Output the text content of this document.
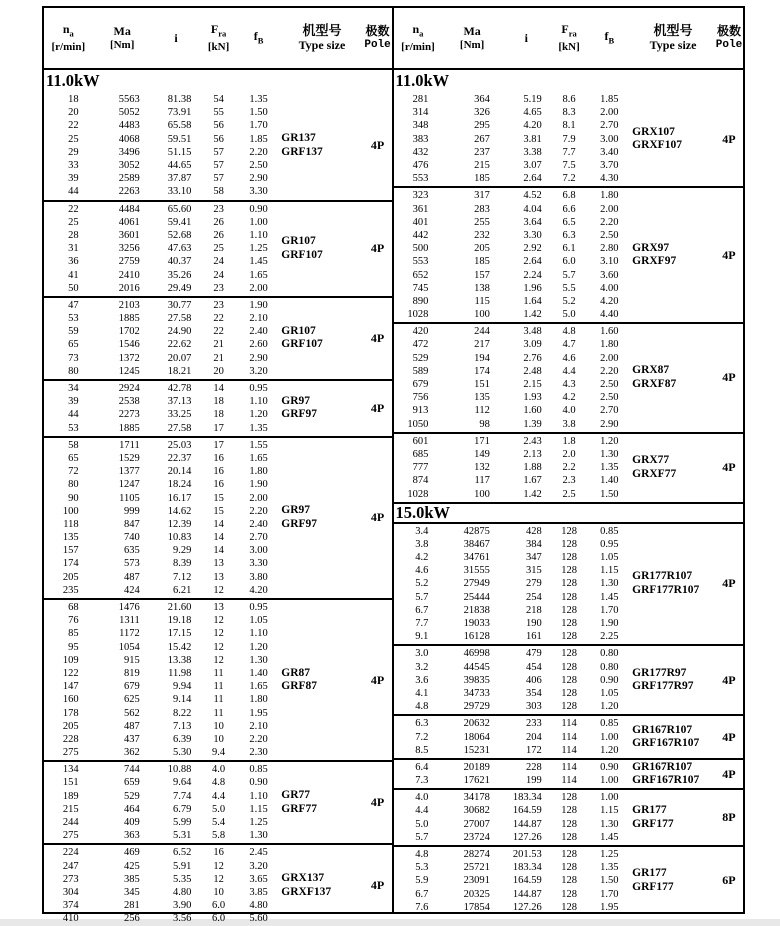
$n_a$
[r/min]
Ma
[Nm]	i
$F_{ra}$
[kN]
$f_B$
机型号
Type size
极数
Pole
11.0kW
18	5563	81.38	54	1.35
20	5052	73.91	55	1.50
22	4483	65.58	56	1.70
25	4068	59.51	56	1.85
29	3496	51.15	57	2.20
33	3052	44.65	57	2.50
39	2589	37.87	57	2.90
44	2263	33.10	58	3.30
GR137
GRF137	4P
22	4484	65.60	23	0.90
25	4061	59.41	26	1.00
28	3601	52.68	26	1.10
31	3256	47.63	25	1.25
36	2759	40.37	24	1.45
41	2410	35.26	24	1.65
50	2016	29.49	23	2.00
GR107
GRF107	4P
47	2103	30.77	23	1.90
53	1885	27.58	22	2.10
59	1702	24.90	22	2.40
65	1546	22.62	21	2.60
73	1372	20.07	21	2.90
80	1245	18.21	20	3.20
GR107
GRF107	4P
34	2924	42.78	14	0.95
39	2538	37.13	18	1.10
44	2273	33.25	18	1.20
53	1885	27.58	17	1.35
GR97
GRF97	4P
58	1711	25.03	17	1.55
65	1529	22.37	16	1.65
72	1377	20.14	16	1.80
80	1247	18.24	16	1.90
90	1105	16.17	15	2.00
100	999	14.62	15	2.20
118	847	12.39	14	2.40
135	740	10.83	14	2.70
157	635	9.29	14	3.00
174	573	8.39	13	3.30
205	487	7.12	13	3.80
235	424	6.21	12	4.20
GR97
GRF97	4P
68	1476	21.60	13	0.95
76	1311	19.18	12	1.05
85	1172	17.15	12	1.10
95	1054	15.42	12	1.20
109	915	13.38	12	1.30
122	819	11.98	11	1.40
147	679	9.94	11	1.65
160	625	9.14	11	1.80
178	562	8.22	11	1.95
205	487	7.13	10	2.10
228	437	6.39	10	2.20
275	362	5.30	9.4	2.30
GR87
GRF87	4P
134	744	10.88	4.0	0.85
151	659	9.64	4.8	0.90
189	529	7.74	4.4	1.10
215	464	6.79	5.0	1.15
244	409	5.99	5.4	1.25
275	363	5.31	5.8	1.30
GR77
GRF77	4P
224	469	6.52	16	2.45
247	425	5.91	12	3.20
273	385	5.35	12	3.65
304	345	4.80	10	3.85
374	281	3.90	6.0	4.80
410	256	3.56	6.0	5.60
GRX137
GRXF137	4P
$n_a$
[r/min]
Ma
[Nm]	i
$F_{ra}$
[kN]
$f_B$
机型号
Type size
极数
Pole
11.0kW
281	364	5.19	8.6	1.85
314	326	4.65	8.3	2.00
348	295	4.20	8.1	2.70
383	267	3.81	7.9	3.00
432	237	3.38	7.7	3.40
476	215	3.07	7.5	3.70
553	185	2.64	7.2	4.30
GRX107
GRXF107	4P
323	317	4.52	6.8	1.80
361	283	4.04	6.6	2.00
401	255	3.64	6.5	2.20
442	232	3.30	6.3	2.50
500	205	2.92	6.1	2.80
553	185	2.64	6.0	3.10
652	157	2.24	5.7	3.60
745	138	1.96	5.5	4.00
890	115	1.64	5.2	4.20
1028	100	1.42	5.0	4.40
GRX97
GRXF97	4P
420	244	3.48	4.8	1.60
472	217	3.09	4.7	1.80
529	194	2.76	4.6	2.00
589	174	2.48	4.4	2.20
679	151	2.15	4.3	2.50
756	135	1.93	4.2	2.50
913	112	1.60	4.0	2.70
1050	98	1.39	3.8	2.90
GRX87
GRXF87	4P
601	171	2.43	1.8	1.20
685	149	2.13	2.0	1.30
777	132	1.88	2.2	1.35
874	117	1.67	2.3	1.40
1028	100	1.42	2.5	1.50
GRX77
GRXF77	4P
15.0kW
3.4	42875	428	128	0.85
3.8	38467	384	128	0.95
4.2	34761	347	128	1.05
4.6	31555	315	128	1.15
5.2	27949	279	128	1.30
5.7	25444	254	128	1.45
6.7	21838	218	128	1.70
7.7	19033	190	128	1.90
9.1	16128	161	128	2.25
GR177R107
GRF177R107	4P
3.0	46998	479	128	0.80
3.2	44545	454	128	0.80
3.6	39835	406	128	0.90
4.1	34733	354	128	1.05
4.8	29729	303	128	1.20
GR177R97
GRF177R97	4P
6.3	20632	233	114	0.85
7.2	18064	204	114	1.00
8.5	15231	172	114	1.20
GR167R107
GRF167R107	4P
6.4	20189	228	114	0.90
7.3	17621	199	114	1.00
GR167R107
GRF167R107	4P
4.0	34178	183.34	128	1.00
4.4	30682	164.59	128	1.15
5.0	27007	144.87	128	1.30
5.7	23724	127.26	128	1.45
GR177
GRF177	8P
4.8	28274	201.53	128	1.25
5.3	25721	183.34	128	1.35
5.9	23091	164.59	128	1.50
6.7	20325	144.87	128	1.70
7.6	17854	127.26	128	1.95
GR177
GRF177	6P
